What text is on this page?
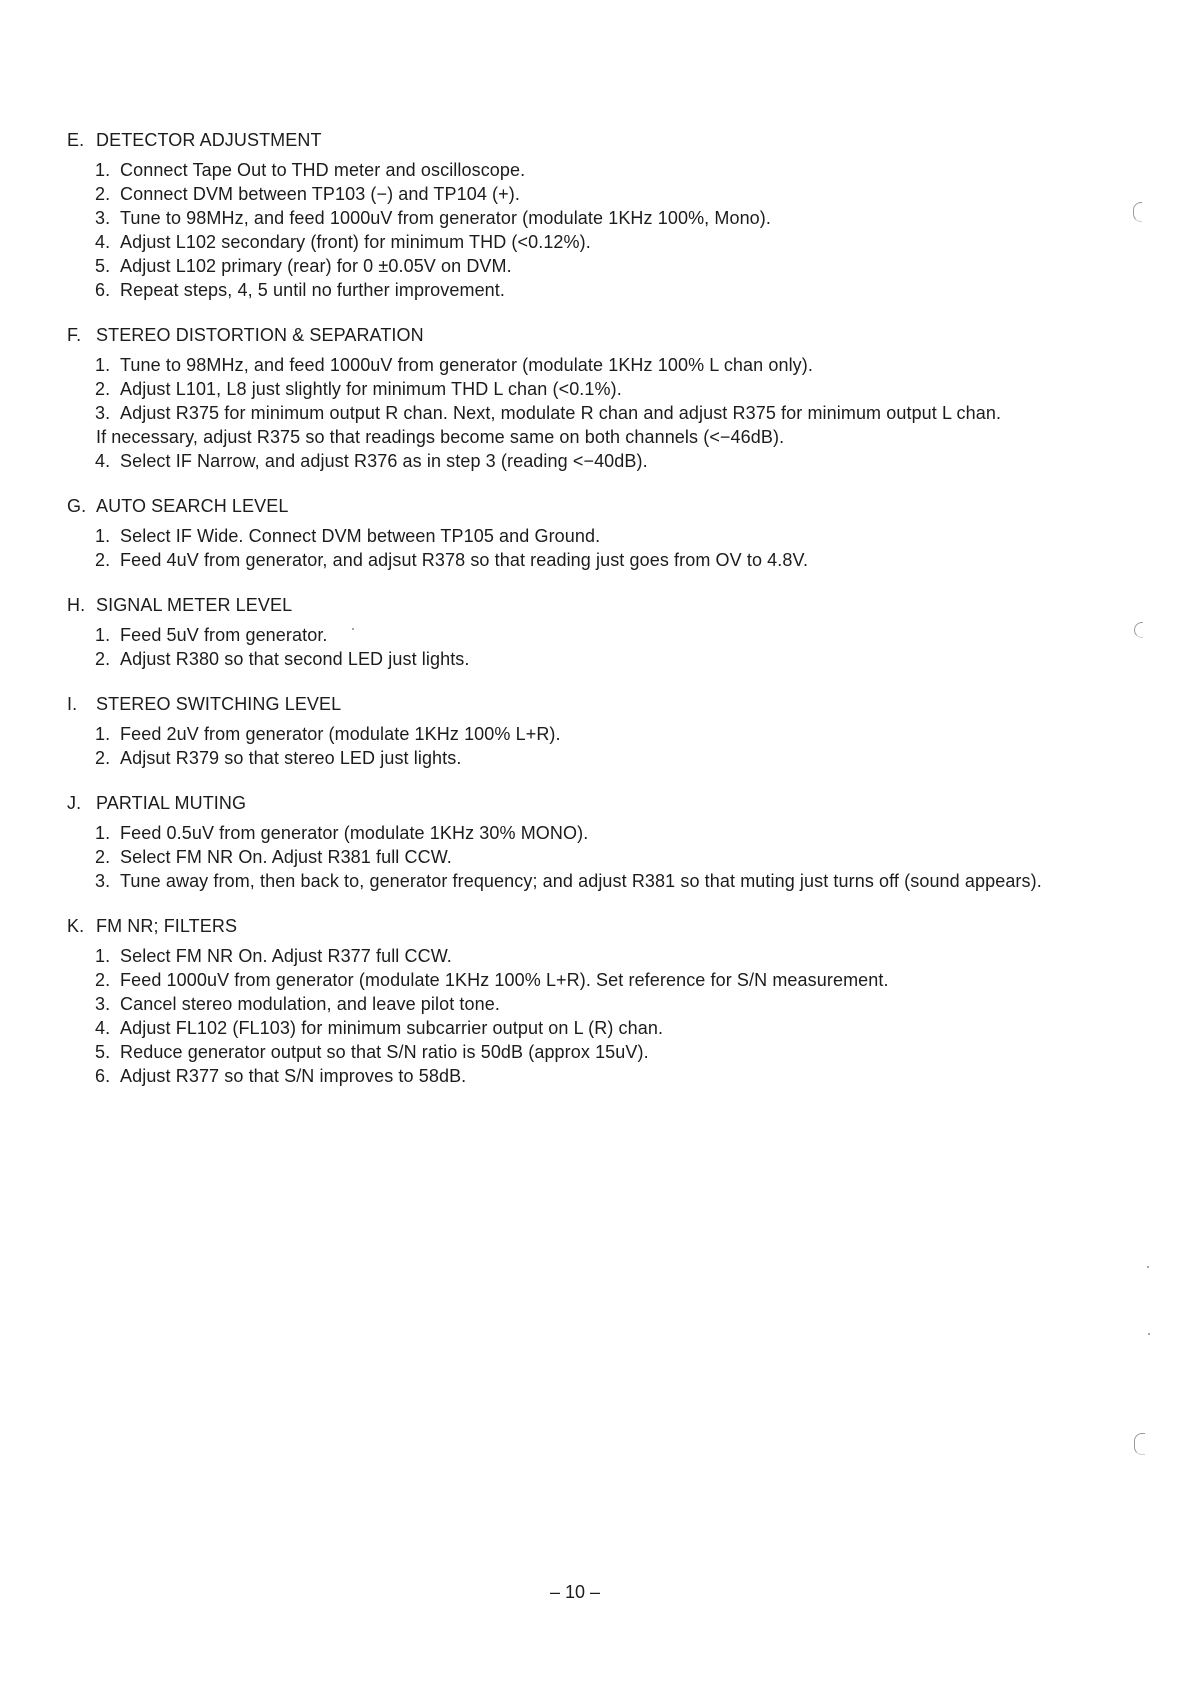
E. DETECTOR ADJUSTMENT
1. Connect Tape Out to THD meter and oscilloscope.
2. Connect DVM between TP103 (−) and TP104 (+).
3. Tune to 98MHz, and feed 1000uV from generator (modulate 1KHz 100%, Mono).
4. Adjust L102 secondary (front) for minimum THD (<0.12%).
5. Adjust L102 primary (rear) for 0 ±0.05V on DVM.
6. Repeat steps, 4, 5 until no further improvement.
F. STEREO DISTORTION & SEPARATION
1. Tune to 98MHz, and feed 1000uV from generator (modulate 1KHz 100% L chan only).
2. Adjust L101, L8 just slightly for minimum THD L chan (<0.1%).
3. Adjust R375 for minimum output R chan. Next, modulate R chan and adjust R375 for minimum output L chan.
If necessary, adjust R375 so that readings become same on both channels (<−46dB).
4. Select IF Narrow, and adjust R376 as in step 3 (reading <−40dB).
G. AUTO SEARCH LEVEL
1. Select IF Wide. Connect DVM between TP105 and Ground.
2. Feed 4uV from generator, and adjsut R378 so that reading just goes from OV to 4.8V.
H. SIGNAL METER LEVEL
1. Feed 5uV from generator.
2. Adjust R380 so that second LED just lights.
I. STEREO SWITCHING LEVEL
1. Feed 2uV from generator (modulate 1KHz 100% L+R).
2. Adjsut R379 so that stereo LED just lights.
J. PARTIAL MUTING
1. Feed 0.5uV from generator (modulate 1KHz 30% MONO).
2. Select FM NR On. Adjust R381 full CCW.
3. Tune away from, then back to, generator frequency; and adjust R381 so that muting just turns off (sound appears).
K. FM NR; FILTERS
1. Select FM NR On. Adjust R377 full CCW.
2. Feed 1000uV from generator (modulate 1KHz 100% L+R). Set reference for S/N measurement.
3. Cancel stereo modulation, and leave pilot tone.
4. Adjust FL102 (FL103) for minimum subcarrier output on L (R) chan.
5. Reduce generator output so that S/N ratio is 50dB (approx 15uV).
6. Adjust R377 so that S/N improves to 58dB.
– 10 –
